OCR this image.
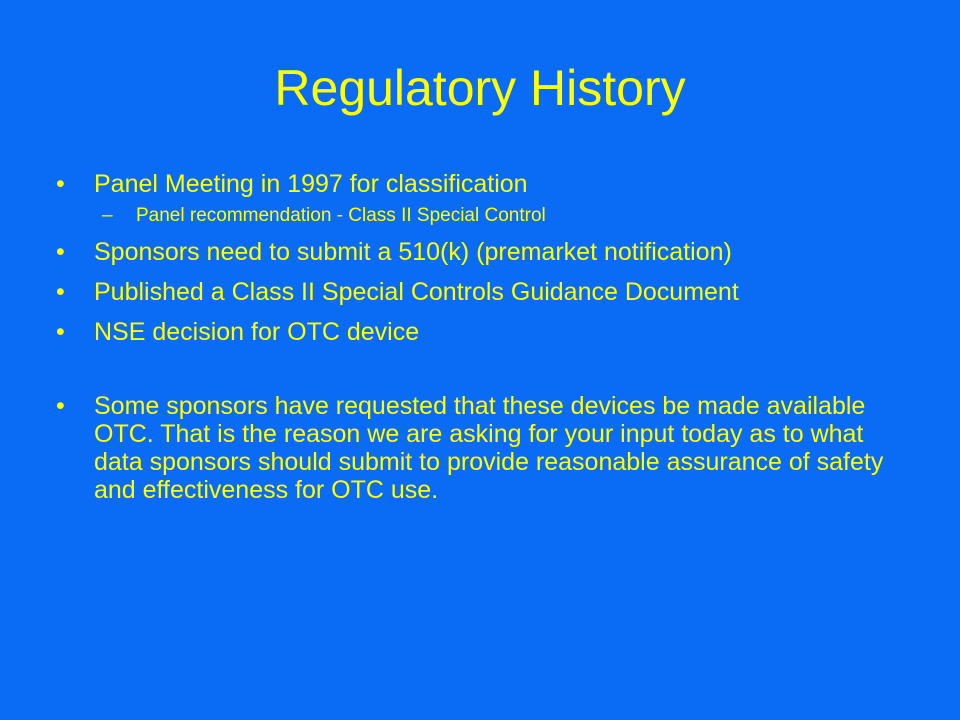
Regulatory History
•	Panel Meeting in 1997 for classification
– Panel recommendation - Class II Special Control
•	Sponsors need to submit a 510(k) (premarket notification)
•	Published a Class II Special Controls Guidance Document
•	NSE decision for OTC device
•	Some sponsors have requested that these devices be made available OTC. That is the reason we are asking for your input today as to what data sponsors should submit to provide reasonable assurance of safety and effectiveness for OTC use.
